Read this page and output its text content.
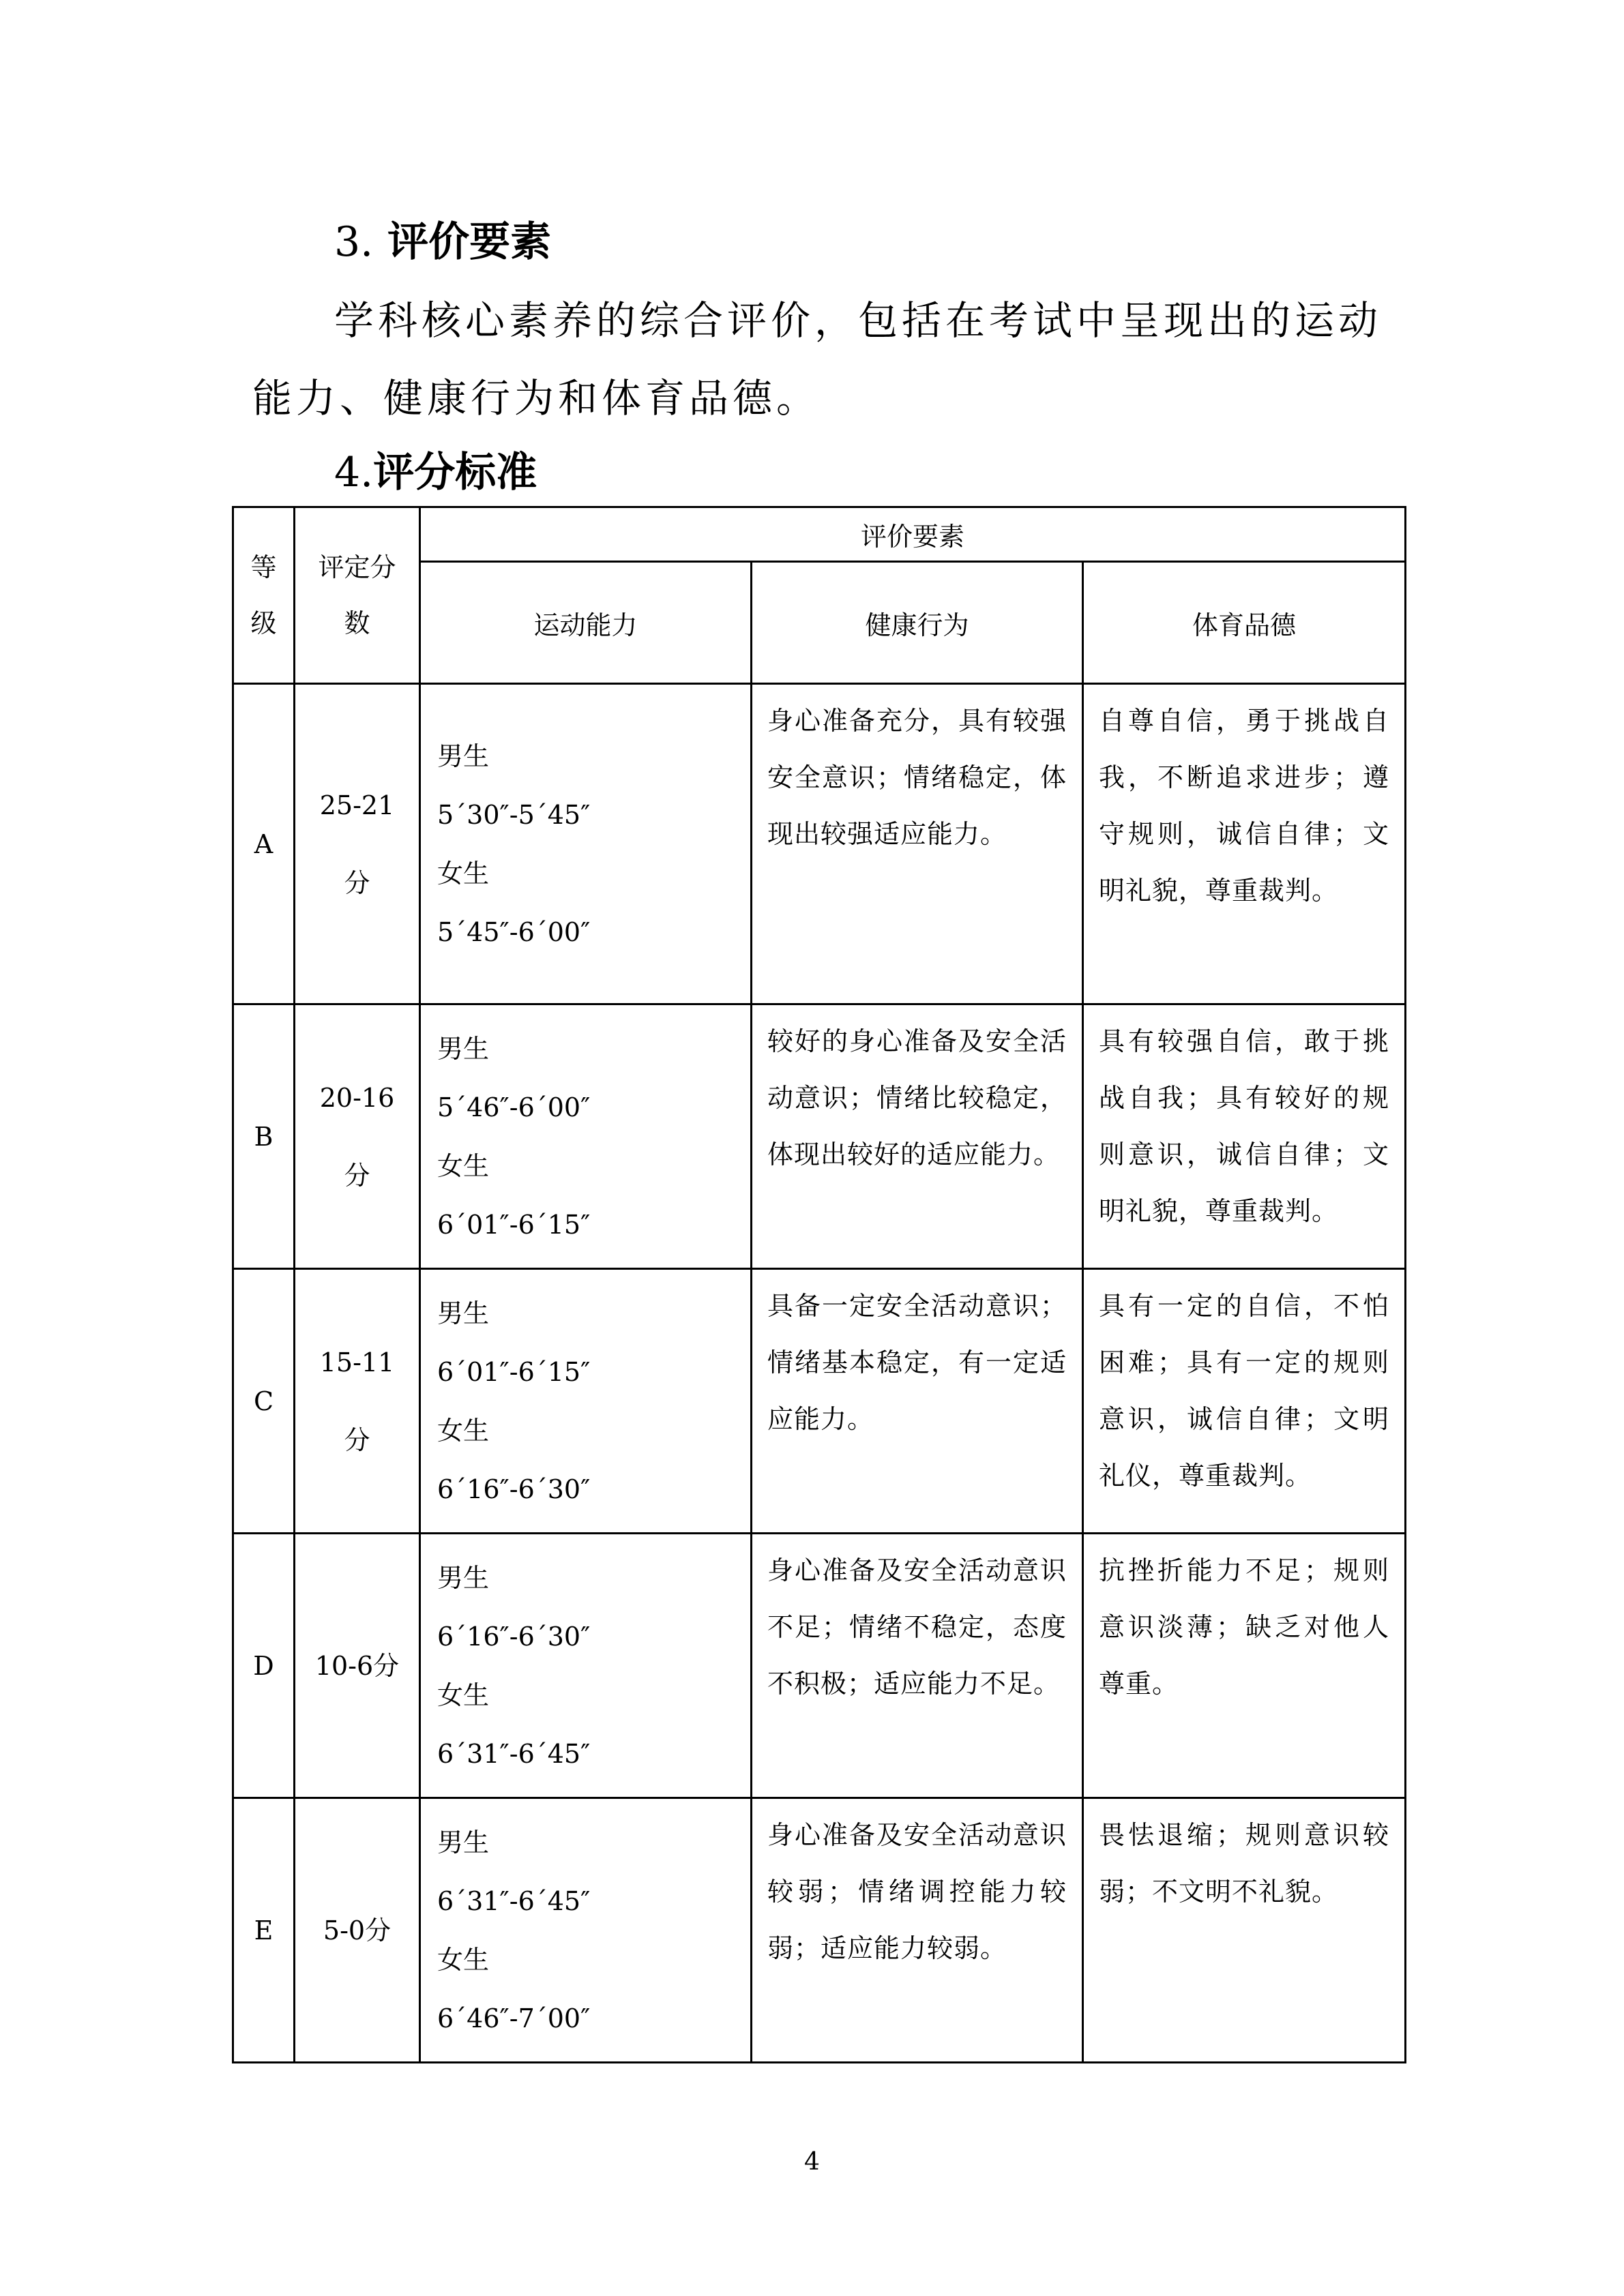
3. 评价要素
学科核心素养的综合评价，包括在考试中呈现出的运动能力、健康行为和体育品德。
4.评分标准
等级	评定分数	评价要素		
		运动能力	健康行为	体育品德
A	25-21分	男生
5´30″-5´45″
女生
5´45″-6´00″	身心准备充分，具有较强安全意识；情绪稳定，体现出较强适应能力。	自尊自信，勇于挑战自我，不断追求进步；遵守规则，诚信自律；文明礼貌，尊重裁判。
B	20-16分	男生
5´46″-6´00″
女生
6´01″-6´15″	较好的身心准备及安全活动意识；情绪比较稳定，体现出较好的适应能力。	具有较强自信，敢于挑战自我；具有较好的规则意识，诚信自律；文明礼貌，尊重裁判。
C	15-11分	男生
6´01″-6´15″
女生
6´16″-6´30″	具备一定安全活动意识；情绪基本稳定，有一定适应能力。	具有一定的自信，不怕困难；具有一定的规则意识，诚信自律；文明礼仪，尊重裁判。
D	10-6分	男生
6´16″-6´30″
女生
6´31″-6´45″	身心准备及安全活动意识不足；情绪不稳定，态度不积极；适应能力不足。	抗挫折能力不足；规则意识淡薄；缺乏对他人尊重。
E	5-0分	男生
6´31″-6´45″
女生
6´46″-7´00″	身心准备及安全活动意识较弱；情绪调控能力较弱；适应能力较弱。	畏怯退缩；规则意识较弱；不文明不礼貌。
4
